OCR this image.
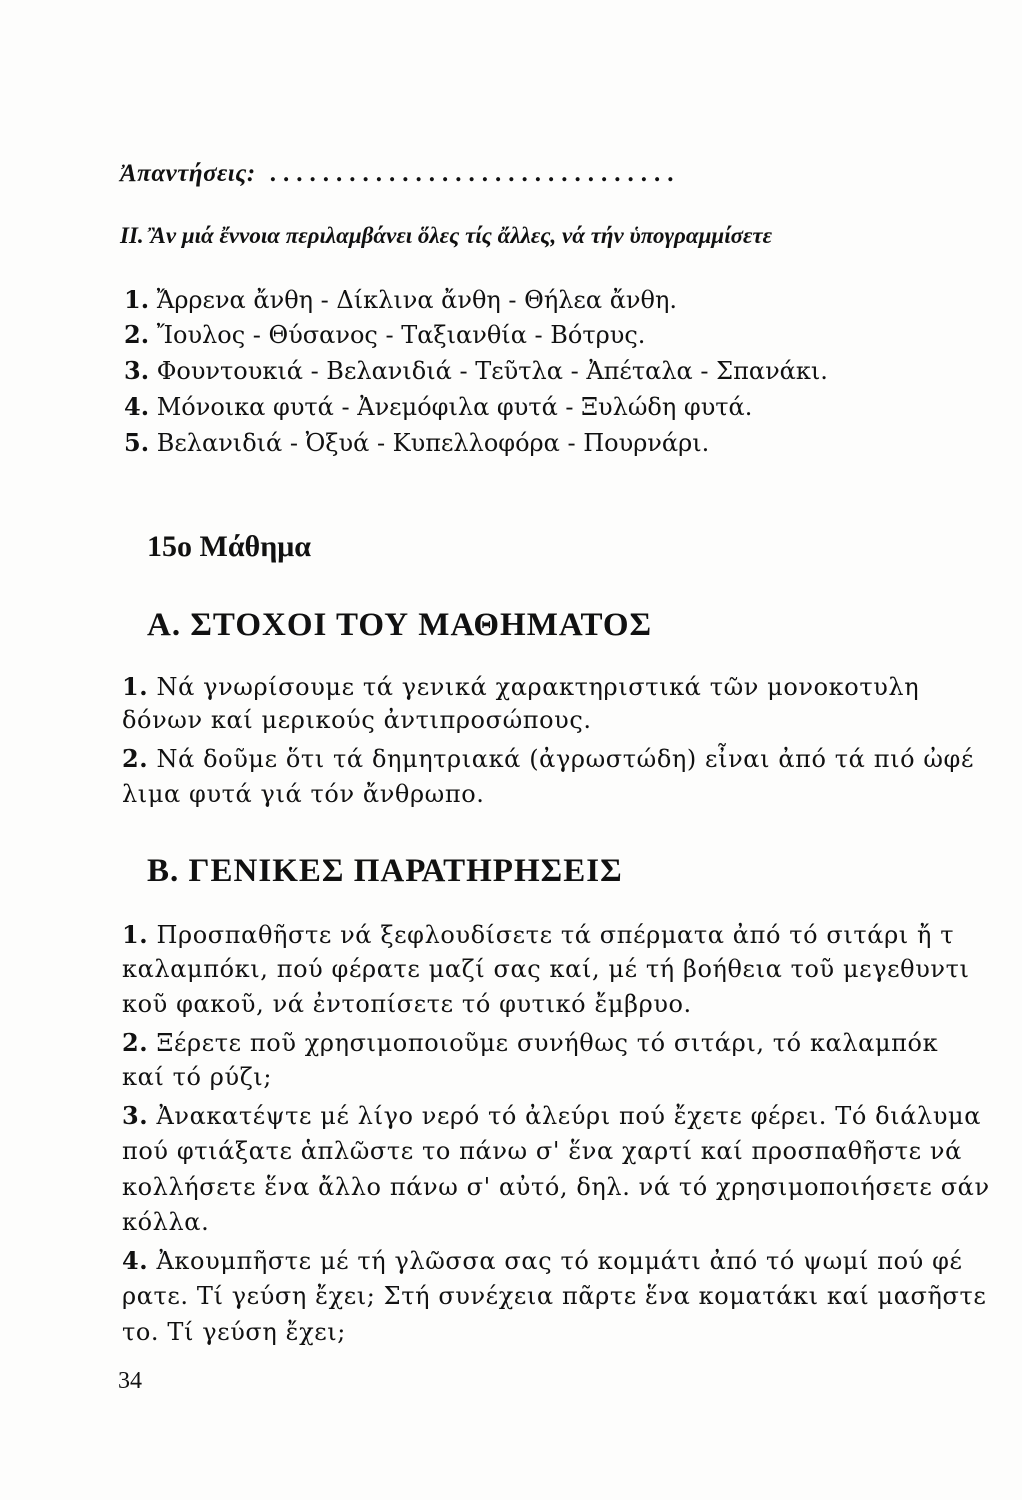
Ἀπαντήσεις: ...............................
II. Ἂν μιά ἔννοια περιλαμβάνει ὅλες τίς ἄλλες, νά τήν ὑπογραμμίσετε
1. Ἄρρενα ἄνθη - Δίκλινα ἄνθη - Θήλεα ἄνθη.
2. Ἴουλος - Θύσανος - Ταξιανθία - Βότρυς.
3. Φουντουκιά - Βελανιδιά - Τεῦτλα - Ἀπέταλα - Σπανάκι.
4. Μόνοικα φυτά - Ἀνεμόφιλα φυτά - Ξυλώδη φυτά.
5. Βελανιδιά - Ὀξυά - Κυπελλοφόρα - Πουρνάρι.
15ο Μάθημα
Α. ΣΤΟΧΟΙ ΤΟΥ ΜΑΘΗΜΑΤΟΣ
1. Νά γνωρίσουμε τά γενικά χαρακτηριστικά τῶν μονοκοτυλη
δόνων καί μερικούς ἀντιπροσώπους.
2. Νά δοῦμε ὅτι τά δημητριακά (ἀγρωστώδη) εἶναι ἀπό τά πιό ὠφέ
λιμα φυτά γιά τόν ἄνθρωπο.
Β. ΓΕΝΙΚΕΣ ΠΑΡΑΤΗΡΗΣΕΙΣ
1. Προσπαθῆστε νά ξεφλουδίσετε τά σπέρματα ἀπό τό σιτάρι ἤ τ
καλαμπόκι, πού φέρατε μαζί σας καί, μέ τή βοήθεια τοῦ μεγεθυντι
κοῦ φακοῦ, νά ἐντοπίσετε τό φυτικό ἔμβρυο.
2. Ξέρετε ποῦ χρησιμοποιοῦμε συνήθως τό σιτάρι, τό καλαμπόκ
καί τό ρύζι;
3. Ἀνακατέψτε μέ λίγο νερό τό ἀλεύρι πού ἔχετε φέρει. Τό διάλυμα
πού φτιάξατε ἁπλῶστε το πάνω σ' ἕνα χαρτί καί προσπαθῆστε νά
κολλήσετε ἕνα ἄλλο πάνω σ' αὐτό, δηλ. νά τό χρησιμοποιήσετε σάν
κόλλα.
4. Ἀκουμπῆστε μέ τή γλῶσσα σας τό κομμάτι ἀπό τό ψωμί πού φέ
ρατε. Τί γεύση ἔχει; Στή συνέχεια πᾶρτε ἕνα κοματάκι καί μασῆστε
το. Τί γεύση ἔχει;
34
